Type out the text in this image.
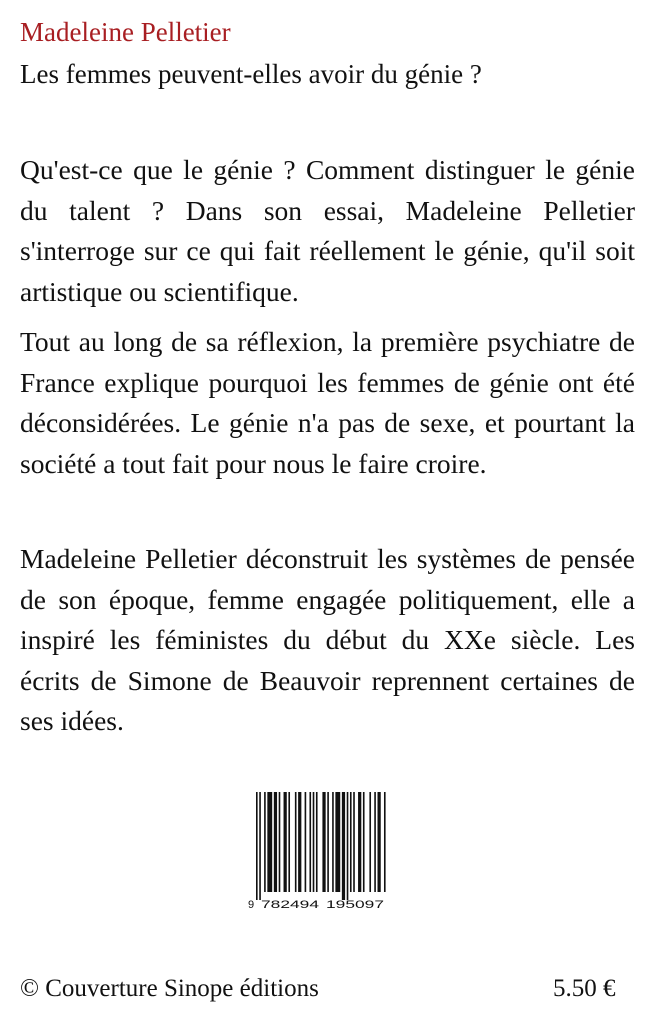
Madeleine Pelletier
Les femmes peuvent-elles avoir du génie ?

Qu'est-ce que le génie ? Comment distinguer le génie du talent ? Dans son essai, Madeleine Pelletier s'interroge sur ce qui fait réellement le génie, qu'il soit artistique ou scientifique.

Tout au long de sa réflexion, la première psychiatre de France explique pourquoi les femmes de génie ont été déconsidérées. Le génie n'a pas de sexe, et pourtant la société a tout fait pour nous le faire croire.

Madeleine Pelletier déconstruit les systèmes de pensée de son époque, femme engagée politiquement, elle a inspiré les féministes du début du XXe siècle. Les écrits de Simone de Beauvoir reprennent certaines de ses idées.

9 782494 195097
© Couverture Sinope éditions	5.50 €
